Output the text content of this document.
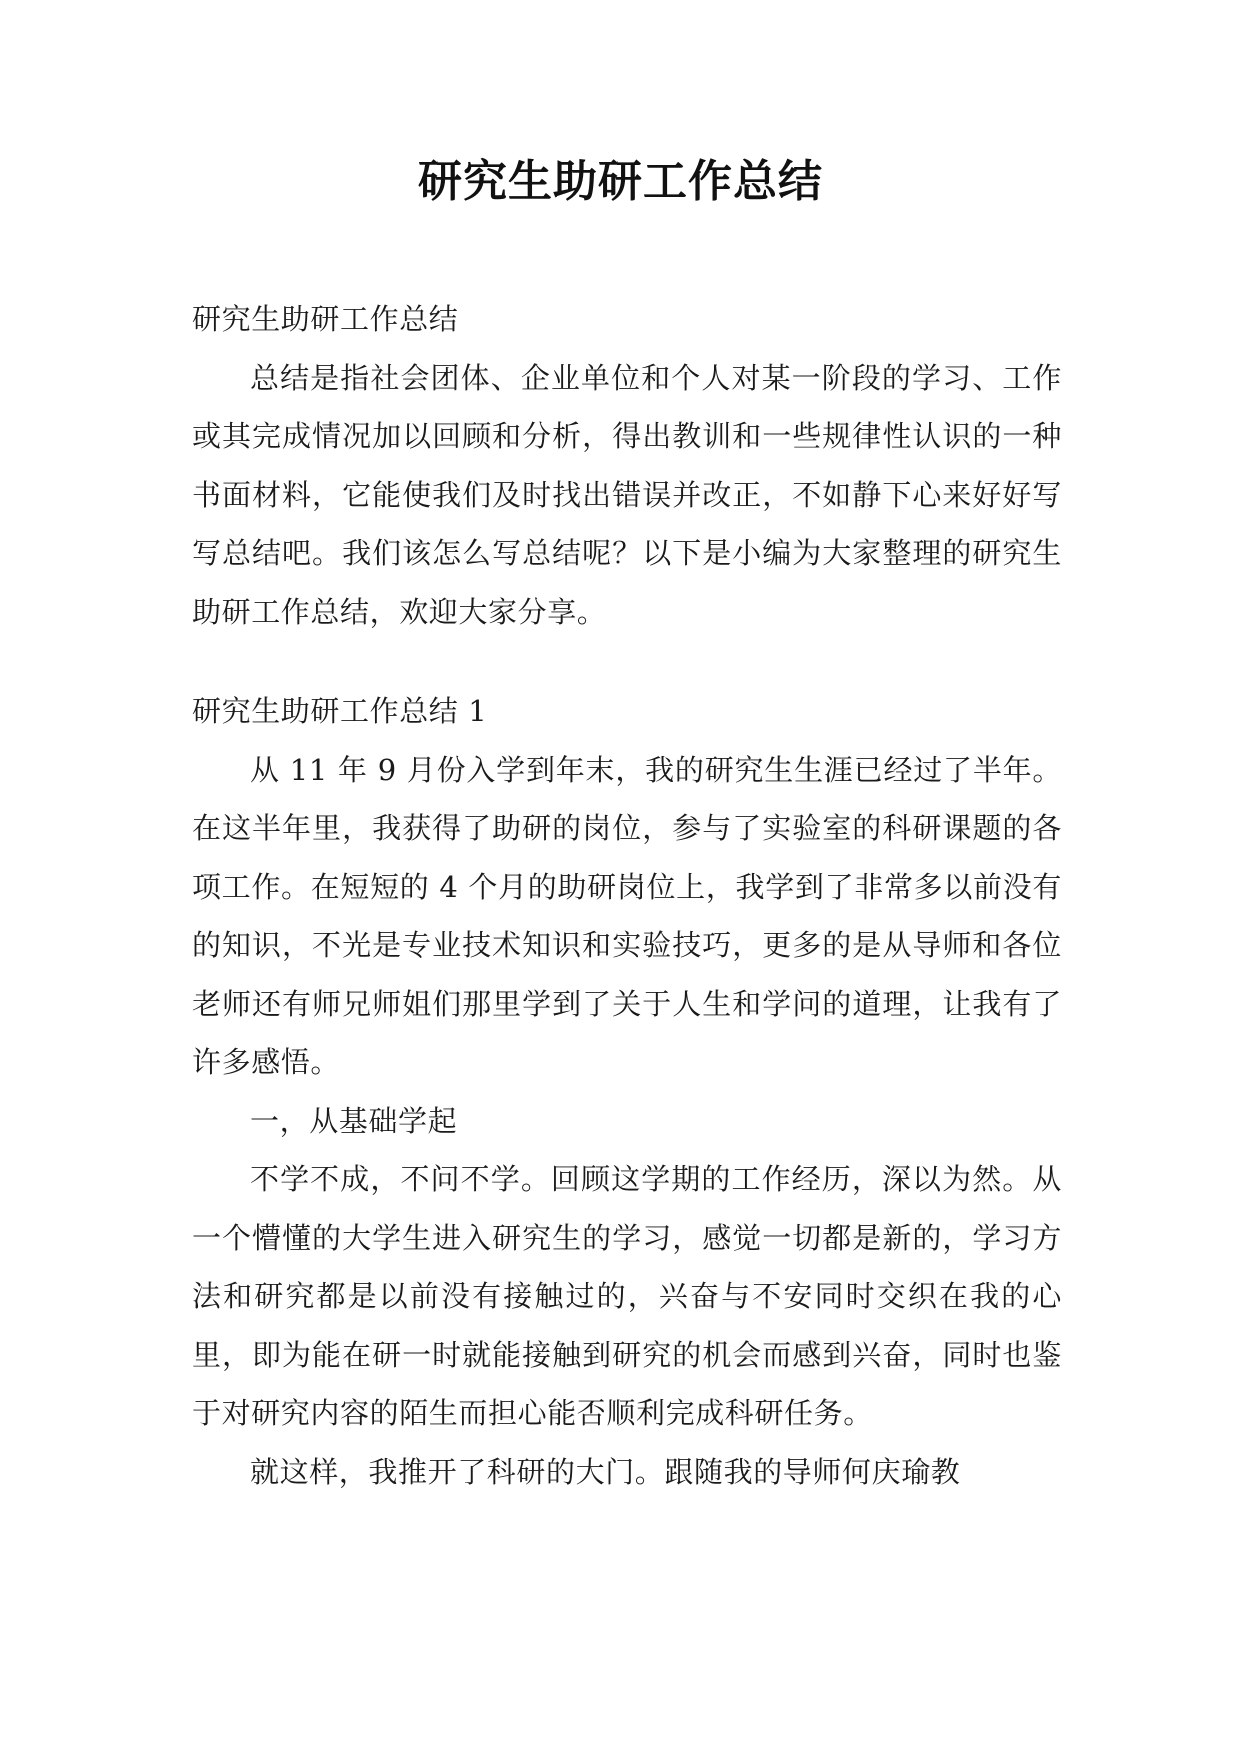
研究生助研工作总结

研究生助研工作总结

总结是指社会团体、企业单位和个人对某一阶段的学习、工作或其完成情况加以回顾和分析，得出教训和一些规律性认识的一种书面材料，它能使我们及时找出错误并改正，不如静下心来好好写写总结吧。我们该怎么写总结呢？以下是小编为大家整理的研究生助研工作总结，欢迎大家分享。

研究生助研工作总结 1

从 11 年 9 月份入学到年末，我的研究生生涯已经过了半年。在这半年里，我获得了助研的岗位，参与了实验室的科研课题的各项工作。在短短的 4 个月的助研岗位上，我学到了非常多以前没有的知识，不光是专业技术知识和实验技巧，更多的是从导师和各位老师还有师兄师姐们那里学到了关于人生和学问的道理，让我有了许多感悟。

一，从基础学起

不学不成，不问不学。回顾这学期的工作经历，深以为然。从一个懵懂的大学生进入研究生的学习，感觉一切都是新的，学习方法和研究都是以前没有接触过的，兴奋与不安同时交织在我的心里，即为能在研一时就能接触到研究的机会而感到兴奋，同时也鉴于对研究内容的陌生而担心能否顺利完成科研任务。

就这样，我推开了科研的大门。跟随我的导师何庆瑜教
